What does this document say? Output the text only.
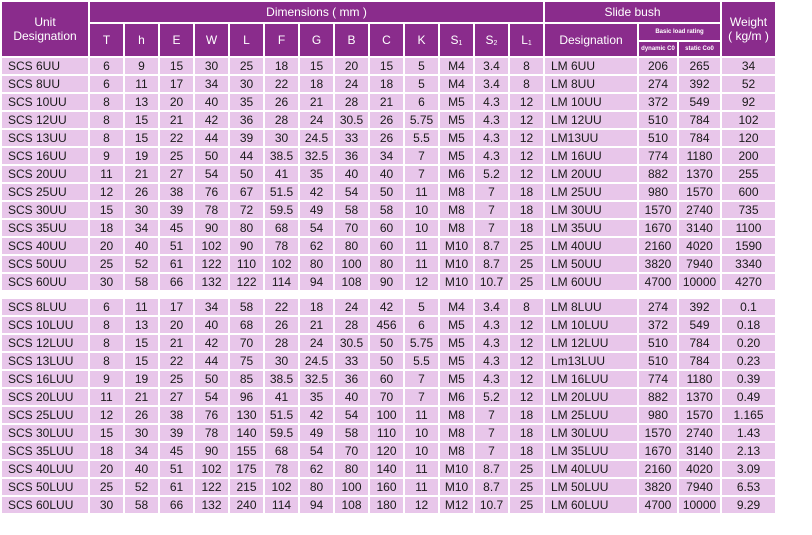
Unit
Designation	Dimensions ( mm )													Slide bush			Weight
( kg/m )
	T	h	E	W	L	F	G	B	C	K	S1	S2	L1	Designation	Basic load rating		
															dynamic C0	static Co0	
SCS 6UU	6	9	15	30	25	18	15	20	15	5	M4	3.4	8	LM 6UU	206	265	34
SCS 8UU	6	11	17	34	30	22	18	24	18	5	M4	3.4	8	LM 8UU	274	392	52
SCS 10UU	8	13	20	40	35	26	21	28	21	6	M5	4.3	12	LM 10UU	372	549	92
SCS 12UU	8	15	21	42	36	28	24	30.5	26	5.75	M5	4.3	12	LM 12UU	510	784	102
SCS 13UU	8	15	22	44	39	30	24.5	33	26	5.5	M5	4.3	12	LM13UU	510	784	120
SCS 16UU	9	19	25	50	44	38.5	32.5	36	34	7	M5	4.3	12	LM 16UU	774	1180	200
SCS 20UU	11	21	27	54	50	41	35	40	40	7	M6	5.2	12	LM 20UU	882	1370	255
SCS 25UU	12	26	38	76	67	51.5	42	54	50	11	M8	7	18	LM 25UU	980	1570	600
SCS 30UU	15	30	39	78	72	59.5	49	58	58	10	M8	7	18	LM 30UU	1570	2740	735
SCS 35UU	18	34	45	90	80	68	54	70	60	10	M8	7	18	LM 35UU	1670	3140	1100
SCS 40UU	20	40	51	102	90	78	62	80	60	11	M10	8.7	25	LM 40UU	2160	4020	1590
SCS 50UU	25	52	61	122	110	102	80	100	80	11	M10	8.7	25	LM 50UU	3820	7940	3340
SCS 60UU	30	58	66	132	122	114	94	108	90	12	M10	10.7	25	LM 60UU	4700	10000	4270

SCS 8LUU	6	11	17	34	58	22	18	24	42	5	M4	3.4	8	LM 8LUU	274	392	0.1
SCS 10LUU	8	13	20	40	68	26	21	28	456	6	M5	4.3	12	LM 10LUU	372	549	0.18
SCS 12LUU	8	15	21	42	70	28	24	30.5	50	5.75	M5	4.3	12	LM 12LUU	510	784	0.20
SCS 13LUU	8	15	22	44	75	30	24.5	33	50	5.5	M5	4.3	12	Lm13LUU	510	784	0.23
SCS 16LUU	9	19	25	50	85	38.5	32.5	36	60	7	M5	4.3	12	LM 16LUU	774	1180	0.39
SCS 20LUU	11	21	27	54	96	41	35	40	70	7	M6	5.2	12	LM 20LUU	882	1370	0.49
SCS 25LUU	12	26	38	76	130	51.5	42	54	100	11	M8	7	18	LM 25LUU	980	1570	1.165
SCS 30LUU	15	30	39	78	140	59.5	49	58	110	10	M8	7	18	LM 30LUU	1570	2740	1.43
SCS 35LUU	18	34	45	90	155	68	54	70	120	10	M8	7	18	LM 35LUU	1670	3140	2.13
SCS 40LUU	20	40	51	102	175	78	62	80	140	11	M10	8.7	25	LM 40LUU	2160	4020	3.09
SCS 50LUU	25	52	61	122	215	102	80	100	160	11	M10	8.7	25	LM 50LUU	3820	7940	6.53
SCS 60LUU	30	58	66	132	240	114	94	108	180	12	M12	10.7	25	LM 60LUU	4700	10000	9.29
